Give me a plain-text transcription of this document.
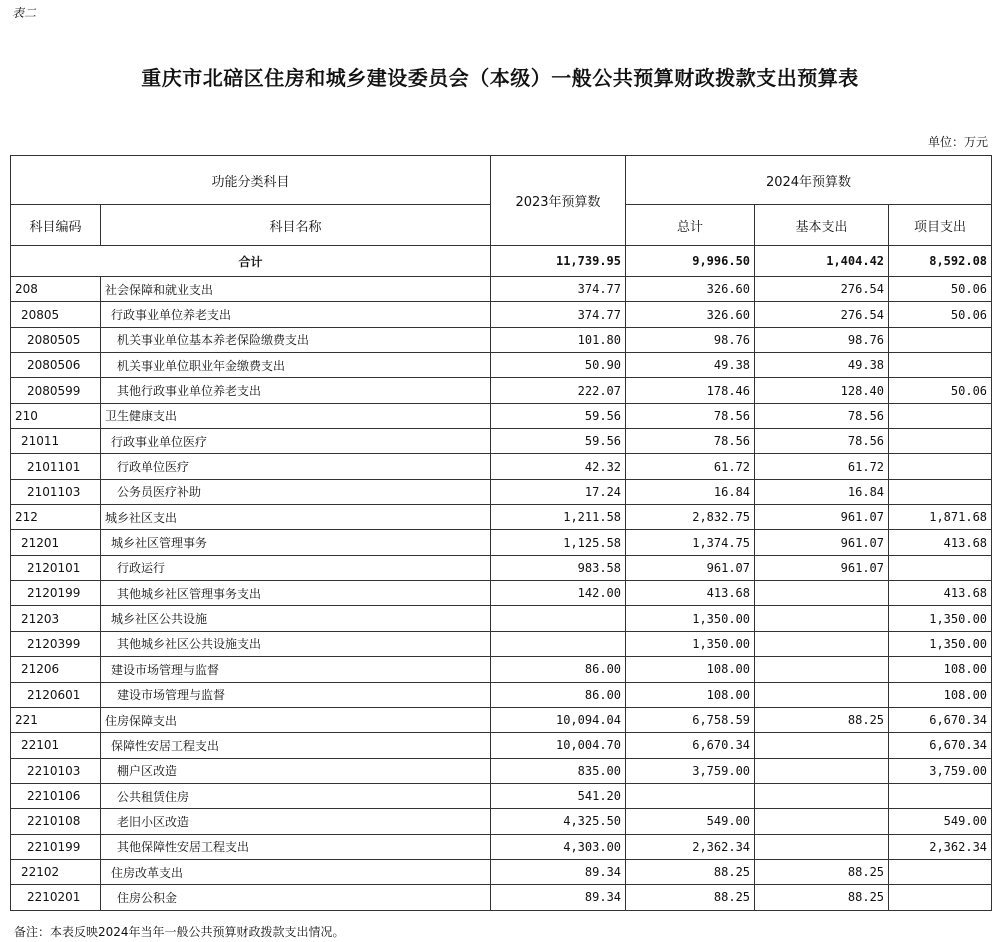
表二
重庆市北碚区住房和城乡建设委员会（本级）一般公共预算财政拨款支出预算表
单位：万元
功能分类科目		2023年预算数	2024年预算数		
科目编码	科目名称		总计	基本支出	项目支出
合计		11,739.95	9,996.50	1,404.42	8,592.08
208	社会保障和就业支出	374.77	326.60	276.54	50.06
20805	行政事业单位养老支出	374.77	326.60	276.54	50.06
2080505	机关事业单位基本养老保险缴费支出	101.80	98.76	98.76	
2080506	机关事业单位职业年金缴费支出	50.90	49.38	49.38	
2080599	其他行政事业单位养老支出	222.07	178.46	128.40	50.06
210	卫生健康支出	59.56	78.56	78.56	
21011	行政事业单位医疗	59.56	78.56	78.56	
2101101	行政单位医疗	42.32	61.72	61.72	
2101103	公务员医疗补助	17.24	16.84	16.84	
212	城乡社区支出	1,211.58	2,832.75	961.07	1,871.68
21201	城乡社区管理事务	1,125.58	1,374.75	961.07	413.68
2120101	行政运行	983.58	961.07	961.07	
2120199	其他城乡社区管理事务支出	142.00	413.68		413.68
21203	城乡社区公共设施		1,350.00		1,350.00
2120399	其他城乡社区公共设施支出		1,350.00		1,350.00
21206	建设市场管理与监督	86.00	108.00		108.00
2120601	建设市场管理与监督	86.00	108.00		108.00
221	住房保障支出	10,094.04	6,758.59	88.25	6,670.34
22101	保障性安居工程支出	10,004.70	6,670.34		6,670.34
2210103	棚户区改造	835.00	3,759.00		3,759.00
2210106	公共租赁住房	541.20			
2210108	老旧小区改造	4,325.50	549.00		549.00
2210199	其他保障性安居工程支出	4,303.00	2,362.34		2,362.34
22102	住房改革支出	89.34	88.25	88.25	
2210201	住房公积金	89.34	88.25	88.25	
备注：本表反映2024年当年一般公共预算财政拨款支出情况。
